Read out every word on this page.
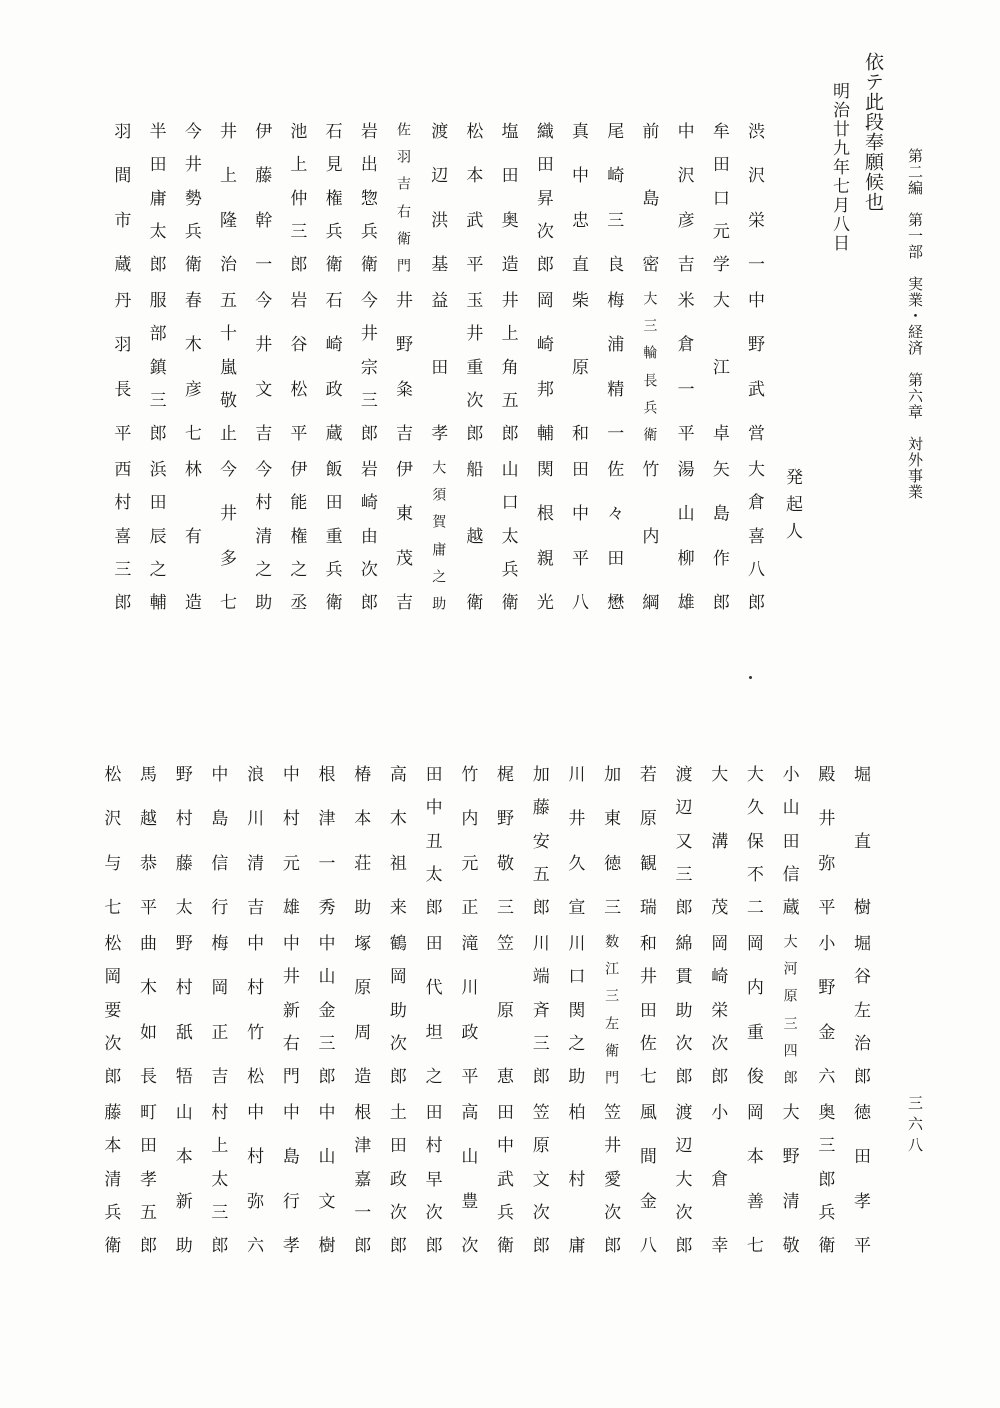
第二編　第一部　実業・経済　第六章　対外事業
三六八
依テ此段奉願候也
明治廿九年七月八日
発起人
渋
沢
栄
一
中
野
武
営
大
倉
喜
八
郎
牟
田
口
元
学
大
江
卓
矢
島
作
郎
中
沢
彦
吉
米
倉
一
平
湯
山
柳
雄
前
島
密
大
三
輪
長
兵
衛
竹
内
綱
尾
崎
三
良
梅
浦
精
一
佐
々
田
懋
真
中
忠
直
柴
原
和
田
中
平
八
織
田
昇
次
郎
岡
崎
邦
輔
関
根
親
光
塩
田
奥
造
井
上
角
五
郎
山
口
太
兵
衛
松
本
武
平
玉
井
重
次
郎
船
越
衛
渡
辺
洪
基
益
田
孝
大
須
賀
庸
之
助
佐
羽
吉
右
衛
門
井
野
粂
吉
伊
東
茂
吉
岩
出
惣
兵
衛
今
井
宗
三
郎
岩
崎
由
次
郎
石
見
権
兵
衛
石
崎
政
蔵
飯
田
重
兵
衛
池
上
仲
三
郎
岩
谷
松
平
伊
能
権
之
丞
伊
藤
幹
一
今
井
文
吉
今
村
清
之
助
井
上
隆
治
五
十
嵐
敬
止
今
井
多
七
今
井
勢
兵
衛
春
木
彦
七
林
有
造
半
田
庸
太
郎
服
部
鎮
三
郎
浜
田
辰
之
輔
羽
間
市
蔵
丹
羽
長
平
西
村
喜
三
郎
堀
直
樹
堀
谷
左
治
郎
徳
田
孝
平
殿
井
弥
平
小
野
金
六
奥
三
郎
兵
衛
小
山
田
信
蔵
大
河
原
三
四
郎
大
野
清
敬
大
久
保
不
二
岡
内
重
俊
岡
本
善
七
大
溝
茂
岡
崎
栄
次
郎
小
倉
幸
渡
辺
又
三
郎
綿
貫
助
次
郎
渡
辺
大
次
郎
若
原
観
瑞
和
井
田
佐
七
風
間
金
八
加
東
徳
三
数
江
三
左
衛
門
笠
井
愛
次
郎
川
井
久
宣
川
口
関
之
助
柏
村
庸
加
藤
安
五
郎
川
端
斉
三
郎
笠
原
文
次
郎
梶
野
敬
三
笠
原
恵
田
中
武
兵
衛
竹
内
元
正
滝
川
政
平
高
山
豊
次
田
中
丑
太
郎
田
代
坦
之
田
村
早
次
郎
高
木
祖
来
鶴
岡
助
次
郎
土
田
政
次
郎
椿
本
荘
助
塚
原
周
造
根
津
嘉
一
郎
根
津
一
秀
中
山
金
三
郎
中
山
文
樹
中
村
元
雄
中
井
新
右
門
中
島
行
孝
浪
川
清
吉
中
村
竹
松
中
村
弥
六
中
島
信
行
梅
岡
正
吉
村
上
太
三
郎
野
村
藤
太
野
村
舐
牾
山
本
新
助
馬
越
恭
平
曲
木
如
長
町
田
孝
五
郎
松
沢
与
七
松
岡
要
次
郎
藤
本
清
兵
衛
